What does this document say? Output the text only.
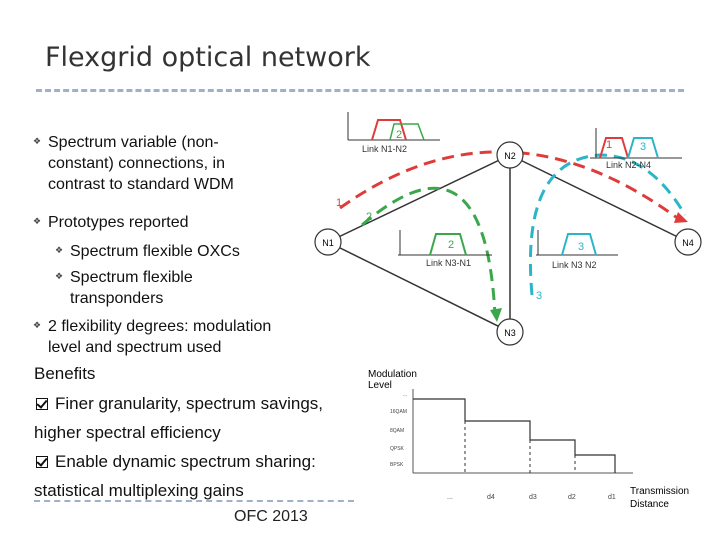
Flexgrid optical network
❖ Spectrum variable (non-
constant) connections, in
contrast to standard WDM
❖ Prototypes reported
❖ Spectrum flexible OXCs
❖ Spectrum flexible
transponders
❖ 2 flexibility degrees: modulation
level and spectrum used
Benefits
Finer granularity, spectrum savings,
higher spectral efficiency
Enable dynamic spectrum sharing:
statistical multiplexing gains
OFC 2013
N1
N2
N4
N3
Link N1-N2
Link N2-N4
Link N3-N1	Link N3 N2
2
1	3
2	3
1
2
3
Modulation
Level
...
16QAM
8QAM
QPSK
BPSK
...	d4	d3	d2	d1
Transmission
Distance
